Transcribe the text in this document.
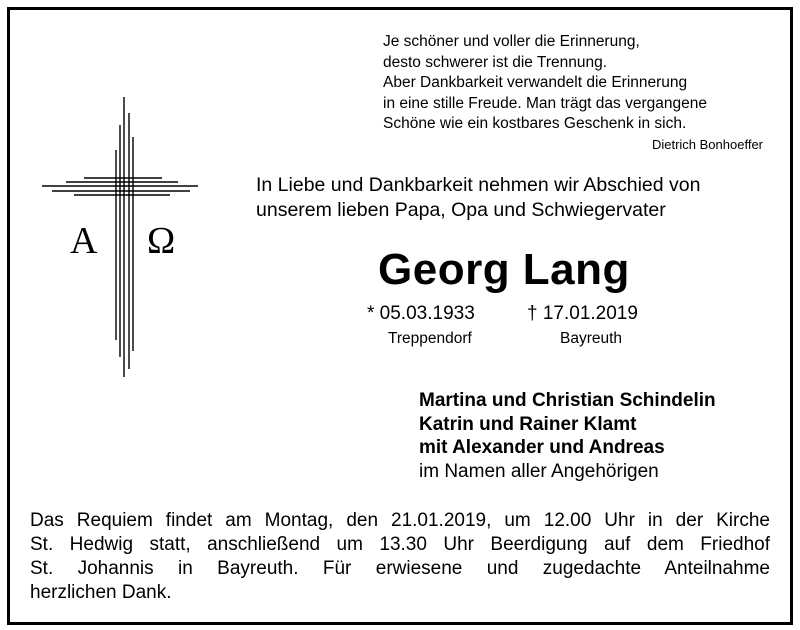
Je schöner und voller die Erinnerung,
desto schwerer ist die Trennung.
Aber Dankbarkeit verwandelt die Erinnerung
in eine stille Freude. Man trägt das vergangene
Schöne wie ein kostbares Geschenk in sich.
Dietrich Bonhoeffer
A Ω
In Liebe und Dankbarkeit nehmen wir Abschied von
unserem lieben Papa, Opa und Schwiegervater
Georg Lang
* 05.03.1933	† 17.01.2019
Treppendorf	Bayreuth
Martina und Christian Schindelin
Katrin und Rainer Klamt
mit Alexander und Andreas
im Namen aller Angehörigen
Das Requiem findet am Montag, den 21.01.2019, um 12.00 Uhr in der Kirche
St. Hedwig statt, anschließend um 13.30 Uhr Beerdigung auf dem Friedhof
St. Johannis in Bayreuth. Für erwiesene und zugedachte Anteilnahme
herzlichen Dank.
